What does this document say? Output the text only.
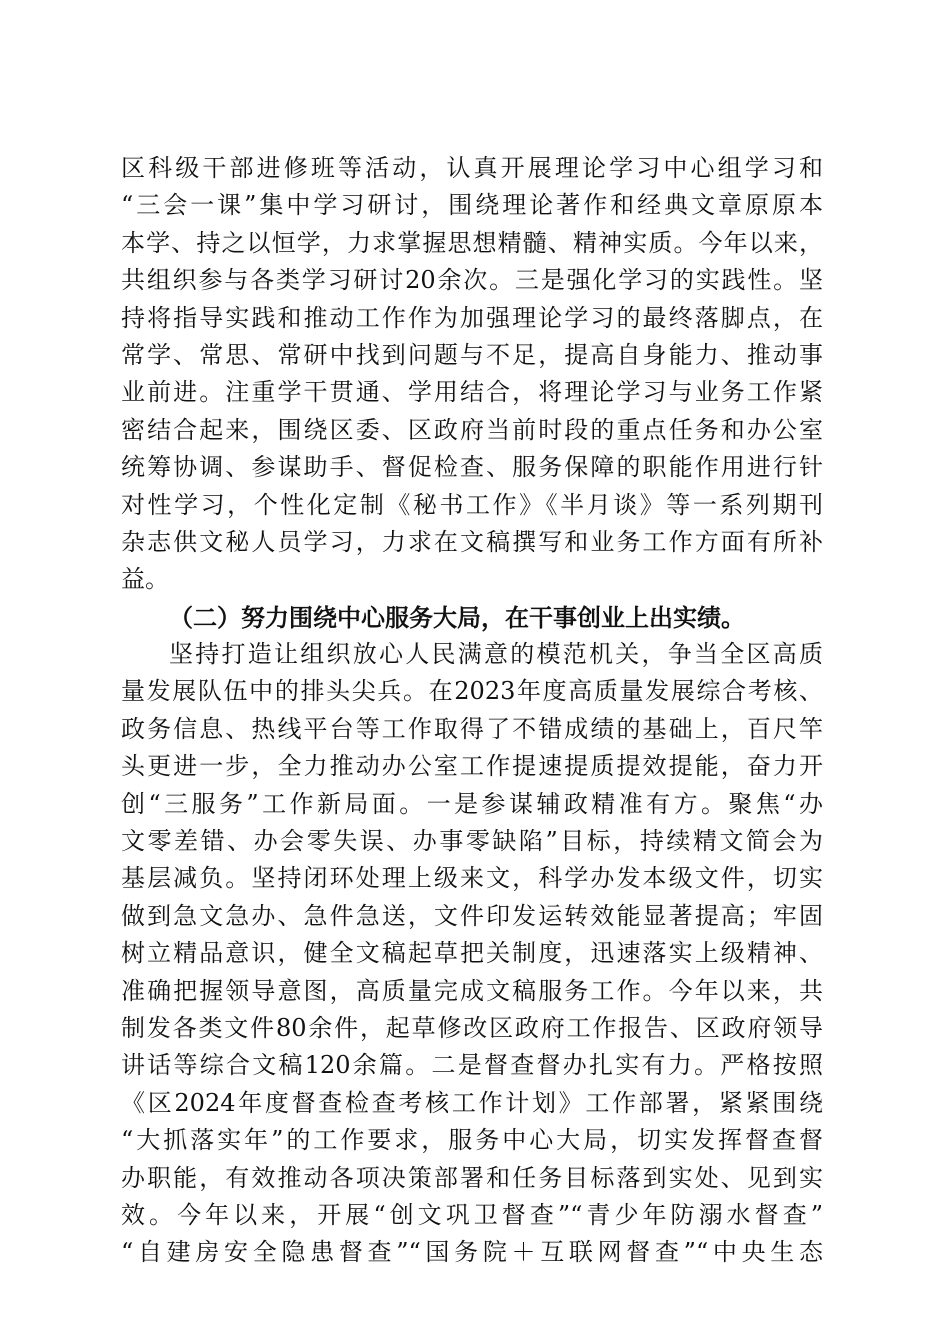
区科级干部进修班等活动，认真开展理论学习中心组学习和
“三会一课”集中学习研讨，围绕理论著作和经典文章原原本
本学、持之以恒学，力求掌握思想精髓、精神实质。今年以来，
共组织参与各类学习研讨20余次。三是强化学习的实践性。坚
持将指导实践和推动工作作为加强理论学习的最终落脚点，在
常学、常思、常研中找到问题与不足，提高自身能力、推动事
业前进。注重学干贯通、学用结合，将理论学习与业务工作紧
密结合起来，围绕区委、区政府当前时段的重点任务和办公室
统筹协调、参谋助手、督促检查、服务保障的职能作用进行针
对性学习，个性化定制《秘书工作》《半月谈》等一系列期刊
杂志供文秘人员学习，力求在文稿撰写和业务工作方面有所补
益。
（二）努力围绕中心服务大局，在干事创业上出实绩。
坚持打造让组织放心人民满意的模范机关，争当全区高质
量发展队伍中的排头尖兵。在2023年度高质量发展综合考核、
政务信息、热线平台等工作取得了不错成绩的基础上，百尺竿
头更进一步，全力推动办公室工作提速提质提效提能，奋力开
创“三服务”工作新局面。一是参谋辅政精准有方。聚焦“办
文零差错、办会零失误、办事零缺陷”目标，持续精文简会为
基层减负。坚持闭环处理上级来文，科学办发本级文件，切实
做到急文急办、急件急送，文件印发运转效能显著提高；牢固
树立精品意识，健全文稿起草把关制度，迅速落实上级精神、
准确把握领导意图，高质量完成文稿服务工作。今年以来，共
制发各类文件80余件，起草修改区政府工作报告、区政府领导
讲话等综合文稿120余篇。二是督查督办扎实有力。严格按照
《区2024年度督查检查考核工作计划》工作部署，紧紧围绕
“大抓落实年”的工作要求，服务中心大局，切实发挥督查督
办职能，有效推动各项决策部署和任务目标落到实处、见到实
效。今年以来，开展“创文巩卫督查”“青少年防溺水督查”
“自建房安全隐患督查”“国务院＋互联网督查”“中央生态
